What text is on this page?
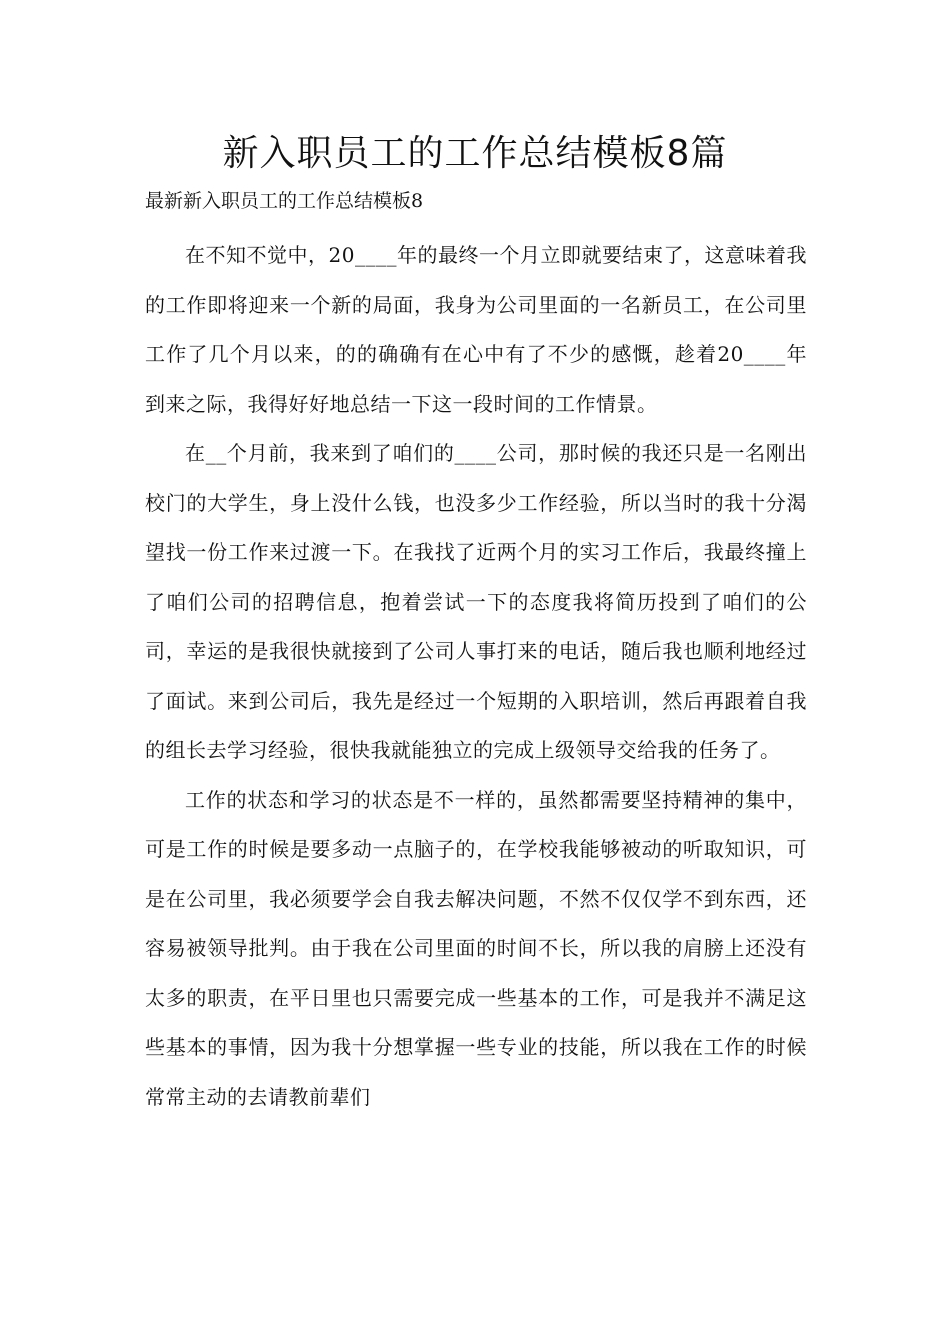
新入职员工的工作总结模板8篇

最新新入职员工的工作总结模板8

在不知不觉中，20____年的最终一个月立即就要结束了，这意味着我的工作即将迎来一个新的局面，我身为公司里面的一名新员工，在公司里工作了几个月以来，的的确确有在心中有了不少的感慨，趁着20____年到来之际，我得好好地总结一下这一段时间的工作情景。

在__个月前，我来到了咱们的____公司，那时候的我还只是一名刚出校门的大学生，身上没什么钱，也没多少工作经验，所以当时的我十分渴望找一份工作来过渡一下。在我找了近两个月的实习工作后，我最终撞上了咱们公司的招聘信息，抱着尝试一下的态度我将简历投到了咱们的公司，幸运的是我很快就接到了公司人事打来的电话，随后我也顺利地经过了面试。来到公司后，我先是经过一个短期的入职培训，然后再跟着自我的组长去学习经验，很快我就能独立的完成上级领导交给我的任务了。

工作的状态和学习的状态是不一样的，虽然都需要坚持精神的集中，可是工作的时候是要多动一点脑子的，在学校我能够被动的听取知识，可是在公司里，我必须要学会自我去解决问题，不然不仅仅学不到东西，还容易被领导批判。由于我在公司里面的时间不长，所以我的肩膀上还没有太多的职责，在平日里也只需要完成一些基本的工作，可是我并不满足这些基本的事情，因为我十分想掌握一些专业的技能，所以我在工作的时候常常主动的去请教前辈们
